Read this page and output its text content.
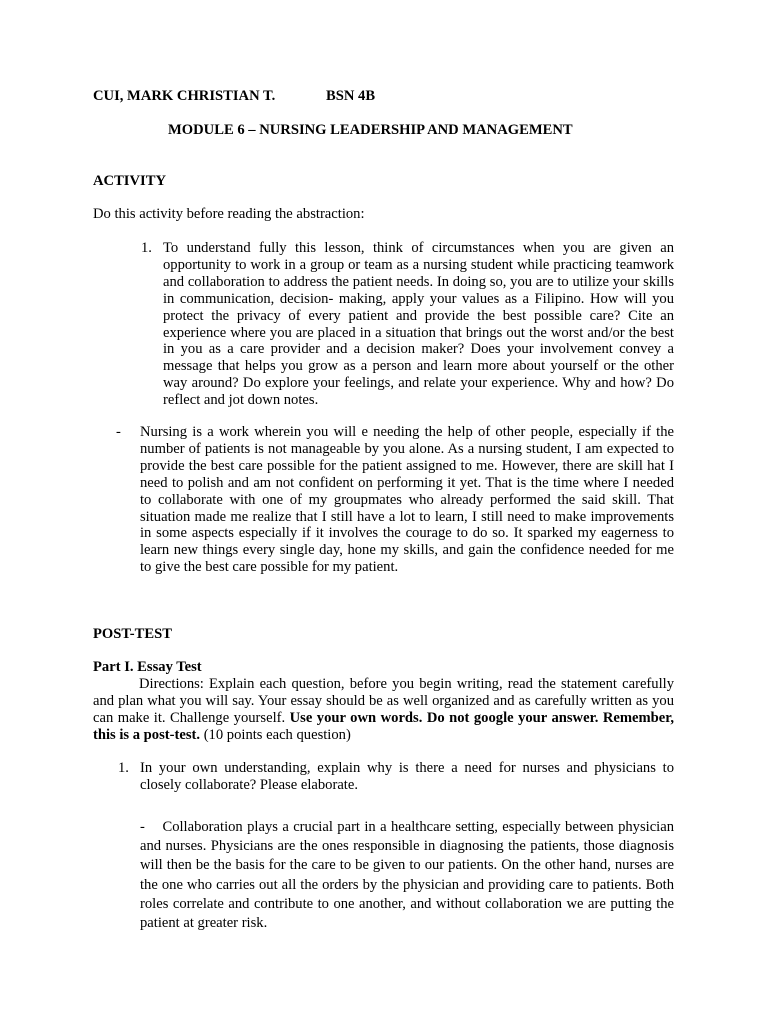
CUI, MARK CHRISTIAN T.	BSN 4B
MODULE 6 – NURSING LEADERSHIP AND MANAGEMENT
ACTIVITY
Do this activity before reading the abstraction:
1. To understand fully this lesson, think of circumstances when you are given an opportunity to work in a group or team as a nursing student while practicing teamwork and collaboration to address the patient needs. In doing so, you are to utilize your skills in communication, decision- making, apply your values as a Filipino. How will you protect the privacy of every patient and provide the best possible care? Cite an experience where you are placed in a situation that brings out the worst and/or the best in you as a care provider and a decision maker? Does your involvement convey a message that helps you grow as a person and learn more about yourself or the other way around? Do explore your feelings, and relate your experience. Why and how? Do reflect and jot down notes.
- Nursing is a work wherein you will e needing the help of other people, especially if the number of patients is not manageable by you alone. As a nursing student, I am expected to provide the best care possible for the patient assigned to me. However, there are skill hat I need to polish and am not confident on performing it yet. That is the time where I needed to collaborate with one of my groupmates who already performed the said skill. That situation made me realize that I still have a lot to learn, I still need to make improvements in some aspects especially if it involves the courage to do so. It sparked my eagerness to learn new things every single day, hone my skills, and gain the confidence needed for me to give the best care possible for my patient.
POST-TEST
Part I. Essay Test
Directions: Explain each question, before you begin writing, read the statement carefully and plan what you will say. Your essay should be as well organized and as carefully written as you can make it. Challenge yourself. Use your own words. Do not google your answer. Remember, this is a post-test. (10 points each question)
1. In your own understanding, explain why is there a need for nurses and physicians to closely collaborate? Please elaborate.
- Collaboration plays a crucial part in a healthcare setting, especially between physician and nurses. Physicians are the ones responsible in diagnosing the patients, those diagnosis will then be the basis for the care to be given to our patients. On the other hand, nurses are the one who carries out all the orders by the physician and providing care to patients. Both roles correlate and contribute to one another, and without collaboration we are putting the patient at greater risk.
